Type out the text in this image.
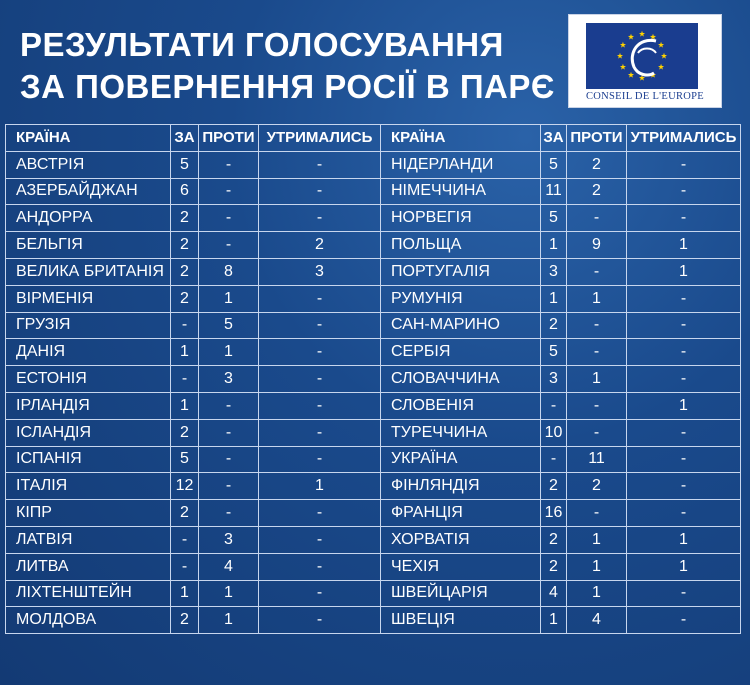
РЕЗУЛЬТАТИ ГОЛОСУВАННЯ
ЗА ПОВЕРНЕННЯ РОСІЇ В ПАРЄ	CONSEIL DE L'EUROPE
КРАЇНА	ЗА	ПРОТИ	УТРИМАЛИСЬ	КРАЇНА	ЗА	ПРОТИ	УТРИМАЛИСЬ
АВСТРІЯ	5	-	-	НІДЕРЛАНДИ	5	2	-
АЗЕРБАЙДЖАН	6	-	-	НІМЕЧЧИНА	11	2	-
АНДОРРА	2	-	-	НОРВЕГІЯ	5	-	-
БЕЛЬГІЯ	2	-	2	ПОЛЬЩА	1	9	1
ВЕЛИКА БРИТАНІЯ	2	8	3	ПОРТУГАЛІЯ	3	-	1
ВІРМЕНІЯ	2	1	-	РУМУНІЯ	1	1	-
ГРУЗІЯ	-	5	-	САН-МАРИНО	2	-	-
ДАНІЯ	1	1	-	СЕРБІЯ	5	-	-
ЕСТОНІЯ	-	3	-	СЛОВАЧЧИНА	3	1	-
ІРЛАНДІЯ	1	-	-	СЛОВЕНІЯ	-	-	1
ІСЛАНДІЯ	2	-	-	ТУРЕЧЧИНА	10	-	-
ІСПАНІЯ	5	-	-	УКРАЇНА	-	11	-
ІТАЛІЯ	12	-	1	ФІНЛЯНДІЯ	2	2	-
КІПР	2	-	-	ФРАНЦІЯ	16	-	-
ЛАТВІЯ	-	3	-	ХОРВАТІЯ	2	1	1
ЛИТВА	-	4	-	ЧЕХІЯ	2	1	1
ЛІХТЕНШТЕЙН	1	1	-	ШВЕЙЦАРІЯ	4	1	-
МОЛДОВА	2	1	-	ШВЕЦІЯ	1	4	-
